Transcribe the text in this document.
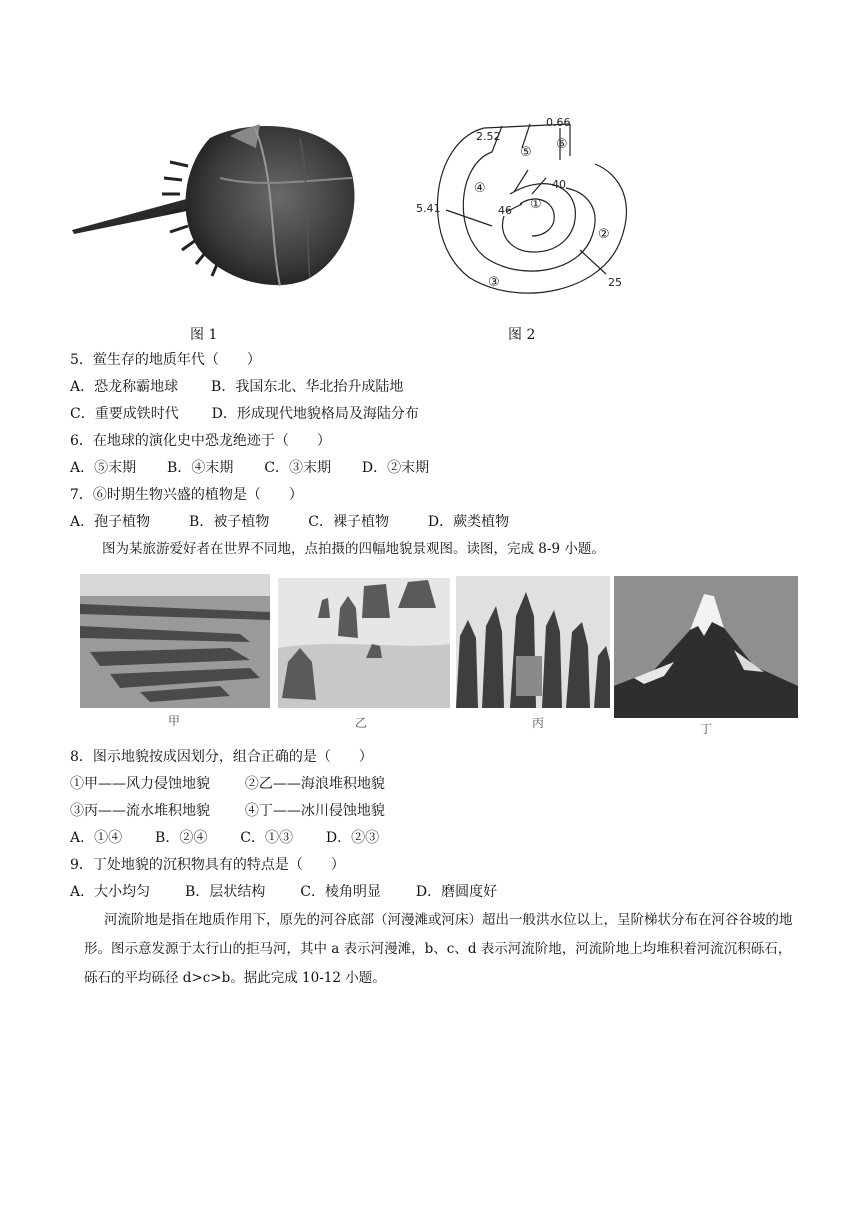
0.66
2.52
5.41
40
46
25
①
②
③
④
⑤
⑥
图 1	图 2
5．鲎生存的地质年代（　　）
A．恐龙称霸地球 B．我国东北、华北抬升成陆地
C．重要成铁时代 D．形成现代地貌格局及海陆分布
6．在地球的演化史中恐龙绝迹于（　　）
A．⑤末期 B．④末期 C．③末期 D．②末期
7．⑥时期生物兴盛的植物是（　　）
A．孢子植物	B．被子植物	C．裸子植物	D．蕨类植物
图为某旅游爱好者在世界不同地，点拍摄的四幅地貌景观图。读图，完成 8-9 小题。
甲	乙	丙	丁
8．图示地貌按成因划分，组合正确的是（　　）
①甲——风力侵蚀地貌 ②乙——海浪堆积地貌
③丙——流水堆积地貌 ④丁——冰川侵蚀地貌
A．①④ B．②④ C．①③ D．②③
9．丁处地貌的沉积物具有的特点是（　　）
A．大小均匀 B．层状结构 C．棱角明显 D．磨圆度好
河流阶地是指在地质作用下，原先的河谷底部（河漫滩或河床）超出一般洪水位以上，呈阶梯状分布在河谷谷坡的地形。图示意发源于太行山的拒马河，其中 a 表示河漫滩，b、c、d 表示河流阶地，河流阶地上均堆积着河流沉积砾石，砾石的平均砾径 d>c>b。据此完成 10-12 小题。
